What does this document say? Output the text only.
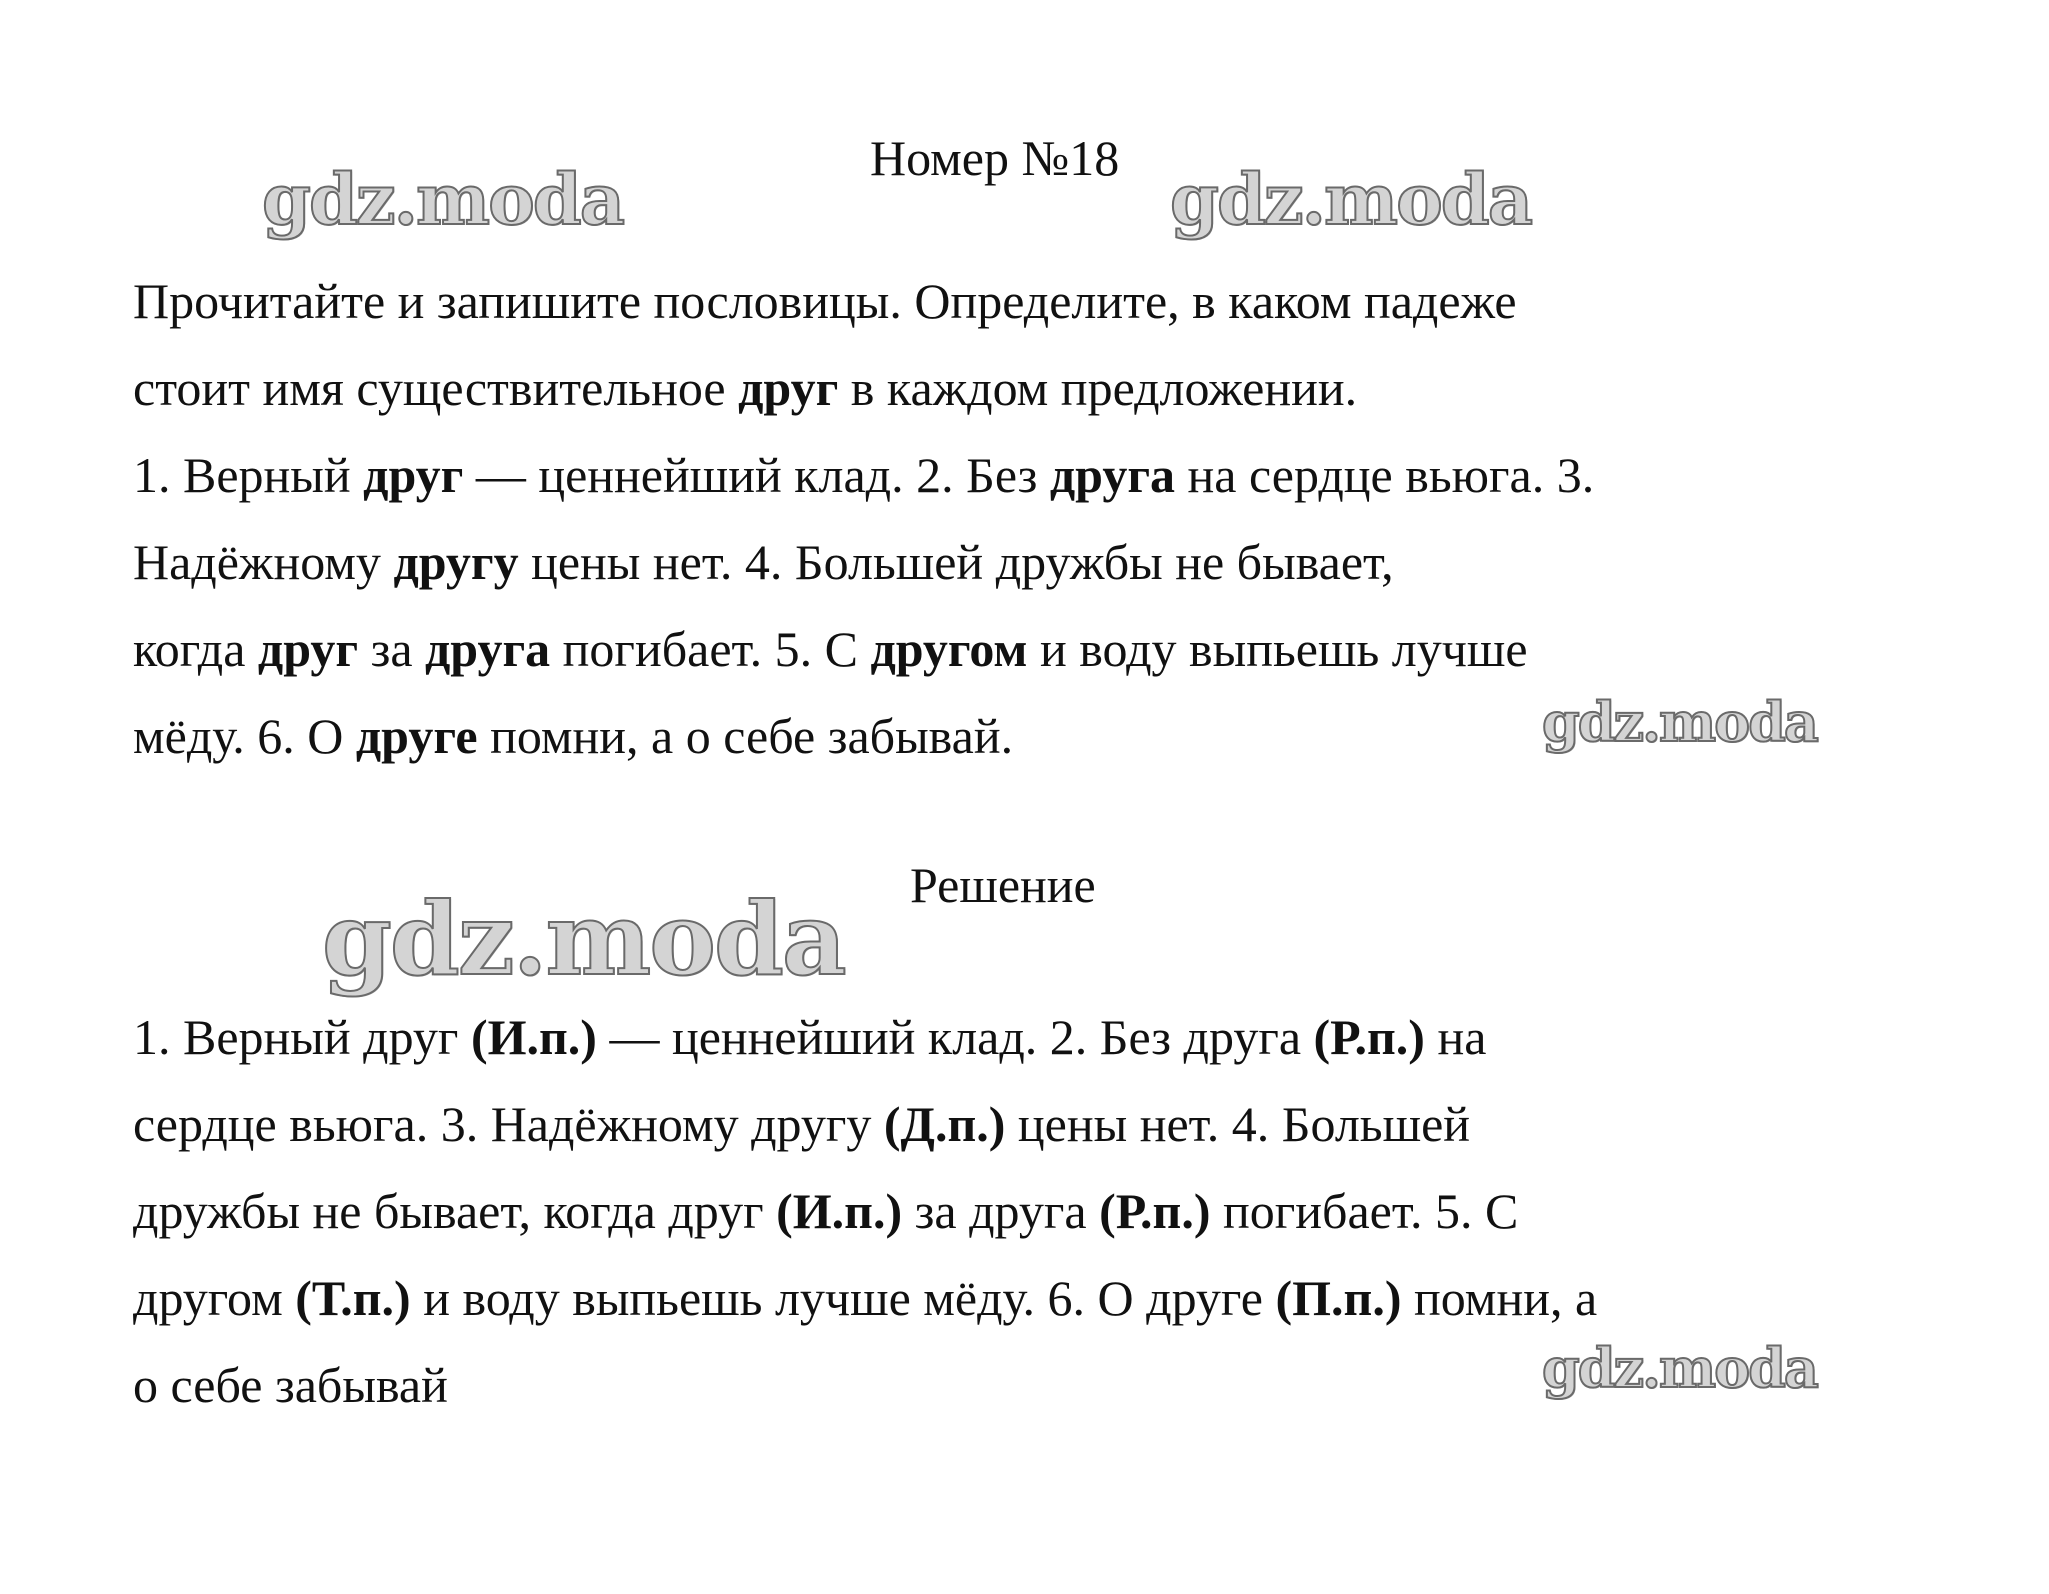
Номер №18
gdz.moda	gdz.moda
Прочитайте и запишите пословицы. Определите, в каком падеже
стоит имя существительное друг в каждом предложении.
1. Верный друг — ценнейший клад. 2. Без друга на сердце вьюга. 3.
Надёжному другу цены нет. 4. Большей дружбы не бывает,
когда друг за друга погибает. 5. С другом и воду выпьешь лучше
мёду. 6. О друге помни, а о себе забывай.	gdz.moda
Решение
gdz.moda
1. Верный друг (И.п.) — ценнейший клад. 2. Без друга (Р.п.) на
сердце вьюга. 3. Надёжному другу (Д.п.) цены нет. 4. Большей
дружбы не бывает, когда друг (И.п.) за друга (Р.п.) погибает. 5. С
другом (Т.п.) и воду выпьешь лучше мёду. 6. О друге (П.п.) помни, а
о себе забывай	gdz.moda
